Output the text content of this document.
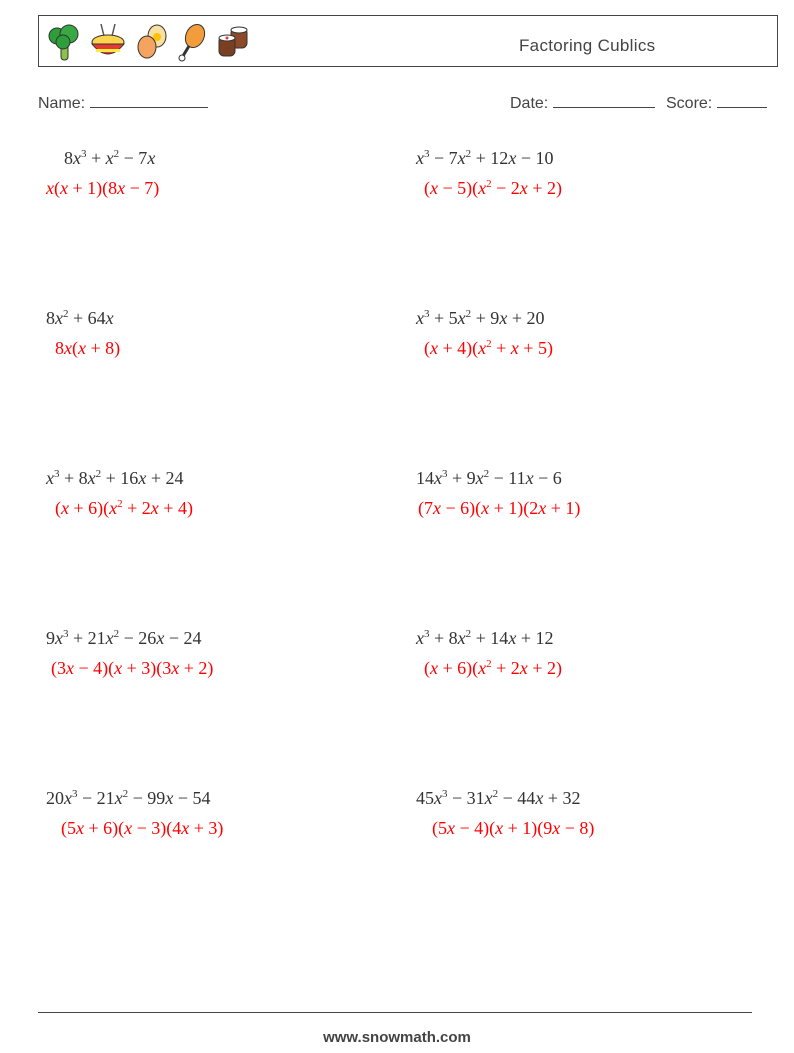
Factoring Cublics
Name:	Date:	Score:
$8x^3 + x^2 - 7x$
x(x + 1)(8x − 7)
$x^3 - 7x^2 + 12x - 10$
$(x - 5)(x^2 - 2x + 2)$
$8x^2 + 64x$
8x(x + 8)
$x^3 + 5x^2 + 9x + 20$
$(x + 4)(x^2 + x + 5)$
$x^3 + 8x^2 + 16x + 24$
$(x + 6)(x^2 + 2x + 4)$
$14x^3 + 9x^2 - 11x - 6$
(7x − 6)(x + 1)(2x + 1)
$9x^3 + 21x^2 - 26x - 24$
(3x − 4)(x + 3)(3x + 2)
$x^3 + 8x^2 + 14x + 12$
$(x + 6)(x^2 + 2x + 2)$
$20x^3 - 21x^2 - 99x - 54$
(5x + 6)(x − 3)(4x + 3)
$45x^3 - 31x^2 - 44x + 32$
(5x − 4)(x + 1)(9x − 8)
www.snowmath.com
